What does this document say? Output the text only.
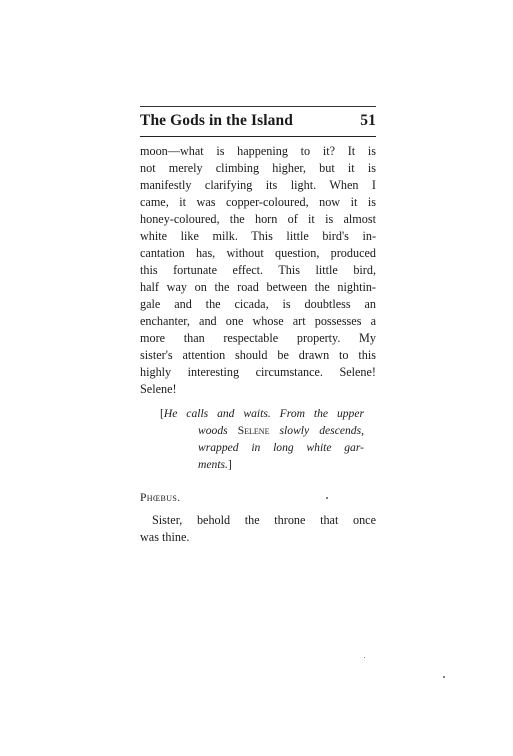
The Gods in the Island	51
moon—what is happening to it? It is
not merely climbing higher, but it is
manifestly clarifying its light. When I
came, it was copper-coloured, now it is
honey-coloured, the horn of it is almost
white like milk. This little bird's in-
cantation has, without question, produced
this fortunate effect. This little bird,
half way on the road between the nightin-
gale and the cicada, is doubtless an
enchanter, and one whose art possesses a
more than respectable property. My
sister's attention should be drawn to this
highly interesting circumstance. Selene!
Selene!
[He calls and waits. From the upper
woods Selene slowly descends,
wrapped in long white gar-
ments.]
Phœbus.
Sister, behold the throne that once
was thine.
